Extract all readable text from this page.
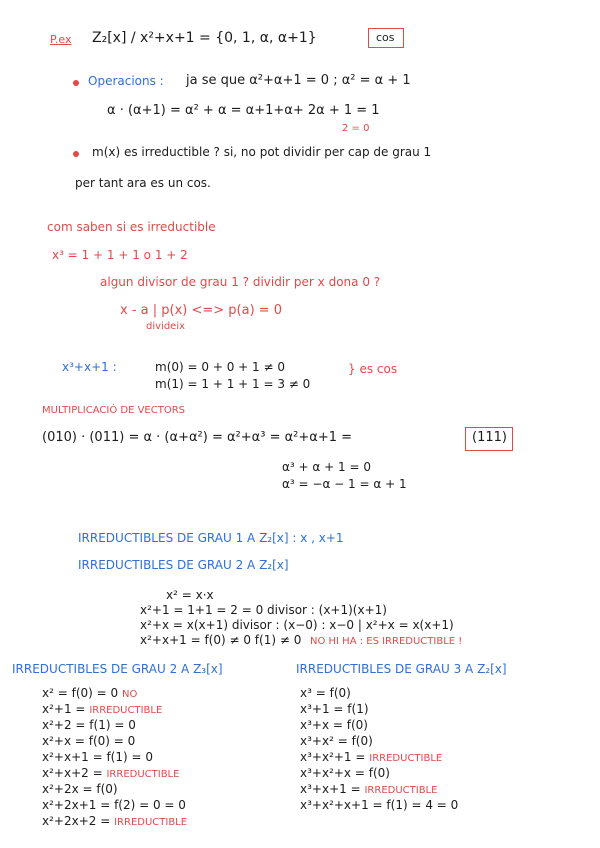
P.ex Z₂[x] / x²+x+1 = {0, 1, α, α+1}	cos
Operacions : ja se que α²+α+1 = 0 ; α² = α + 1
α · (α+1) = α² + α = α+1+α+ 2α + 1 = 1
2 = 0
m(x) es irreductible ? si, no pot dividir per cap de grau 1
per tant ara es un cos.
com saben si es irreductible
x³ = 1 + 1 + 1 o 1 + 2
algun divisor de grau 1 ? dividir per x dona 0 ?
x - a | p(x) <=> p(a) = 0
divideix
x³+x+1 :	m(0) = 0 + 0 + 1 ≠ 0
m(1) = 1 + 1 + 1 = 3 ≠ 0
} es cos
MULTIPLICACIÓ DE VECTORS
(010) · (011) = α · (α+α²) = α²+α³ = α²+α+1 =	(111)
α³ + α + 1 = 0
α³ = −α − 1 = α + 1
IRREDUCTIBLES DE GRAU 1 A Z₂[x] : x , x+1
IRREDUCTIBLES DE GRAU 2 A Z₂[x]
x² = x·x
x²+1 = 1+1 = 2 = 0 divisor : (x+1)(x+1)
x²+x = x(x+1) divisor : (x−0) : x−0 | x²+x = x(x+1)
x²+x+1 = f(0) ≠ 0 f(1) ≠ 0 NO HI HA : ES IRREDUCTIBLE !
IRREDUCTIBLES DE GRAU 2 A Z₃[x]	IRREDUCTIBLES DE GRAU 3 A Z₂[x]
x² = f(0) = 0 NO
x²+1 = IRREDUCTIBLE
x²+2 = f(1) = 0
x²+x = f(0) = 0
x²+x+1 = f(1) = 0
x²+x+2 = IRREDUCTIBLE
x²+2x = f(0)
x²+2x+1 = f(2) = 0 = 0
x²+2x+2 = IRREDUCTIBLE
x³ = f(0)
x³+1 = f(1)
x³+x = f(0)
x³+x² = f(0)
x³+x²+1 = IRREDUCTIBLE
x³+x²+x = f(0)
x³+x+1 = IRREDUCTIBLE
x³+x²+x+1 = f(1) = 4 = 0
